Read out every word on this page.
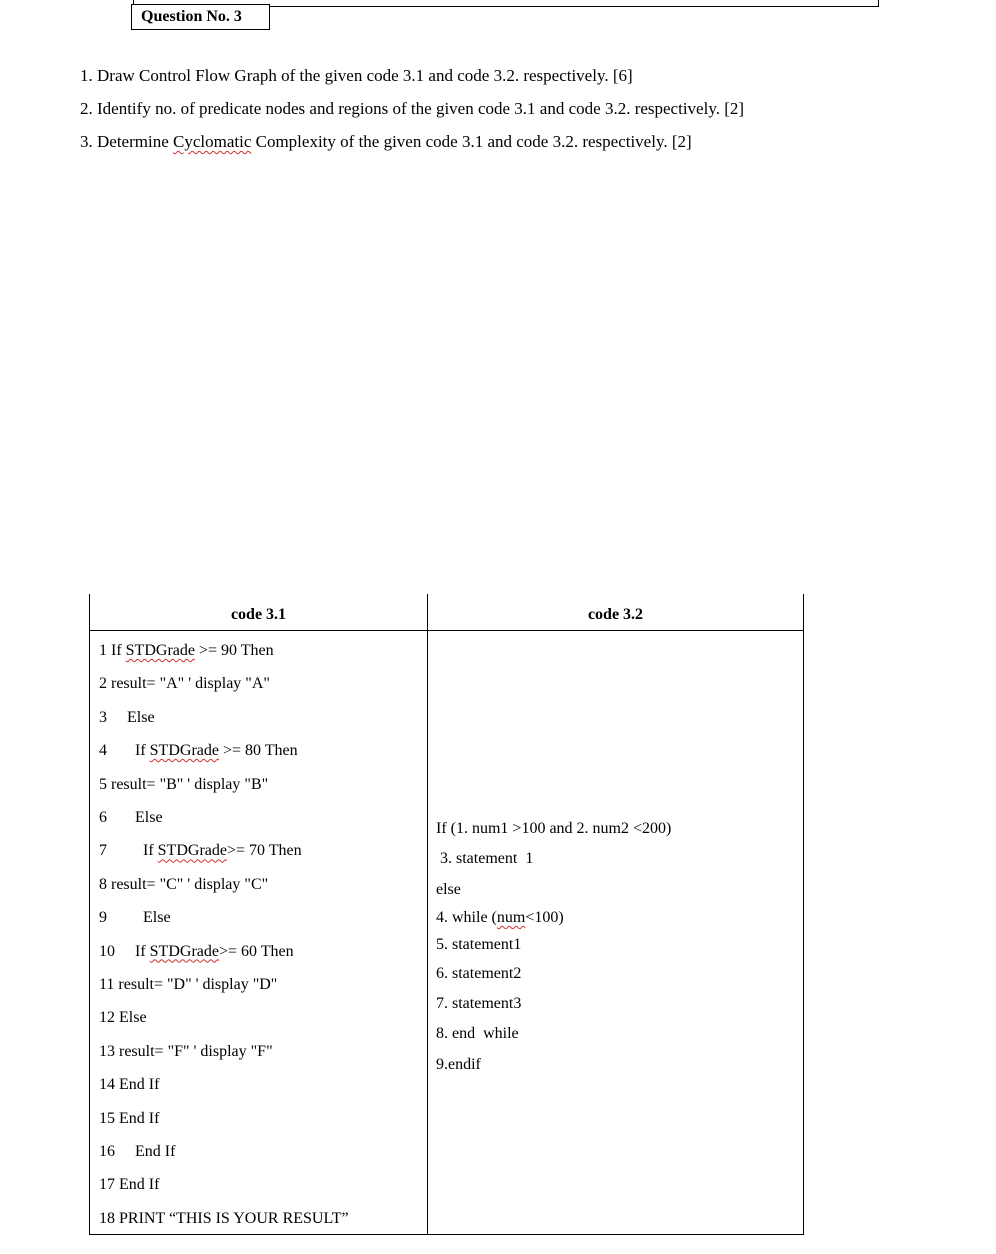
Question No. 3
1. Draw Control Flow Graph of the given code 3.1 and code 3.2. respectively. [6]
2. Identify no. of predicate nodes and regions of the given code 3.1 and code 3.2. respectively. [2]
3. Determine Cyclomatic Complexity of the given code 3.1 and code 3.2. respectively. [2]
code 3.1	code 3.2
1 If STDGrade >= 90 Then
2 result= "A" ' display "A"
3     Else
4       If STDGrade >= 80 Then
5 result= "B" ' display "B"
6       Else
7         If STDGrade>= 70 Then
8 result= "C" ' display "C"
9         Else
10     If STDGrade>= 60 Then
11 result= "D" ' display "D"
12 Else
13 result= "F" ' display "F"
14 End If
15 End If
16     End If
17 End If
18 PRINT “THIS IS YOUR RESULT”
If (1. num1 >100 and 2. num2 <200)
3. statement  1
else
4. while (num<100)
5. statement1
6. statement2
7. statement3
8. end  while
9.endif
